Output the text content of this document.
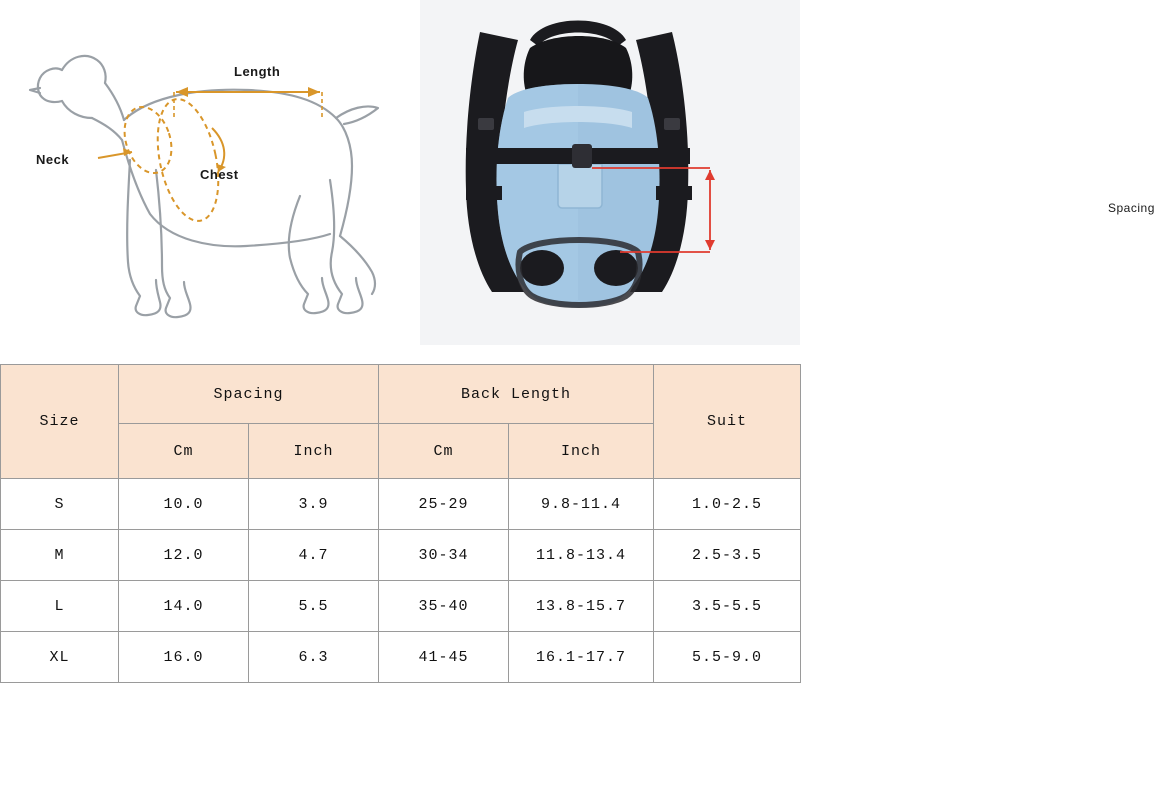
Neck
Chest
Length
Spacing
Size	Spacing		Back Length		Suit

	Cm	Inch	Cm	Inch	
S	10.0	3.9	25-29	9.8-11.4	1.0-2.5
M	12.0	4.7	30-34	11.8-13.4	2.5-3.5
L	14.0	5.5	35-40	13.8-15.7	3.5-5.5
XL	16.0	6.3	41-45	16.1-17.7	5.5-9.0
